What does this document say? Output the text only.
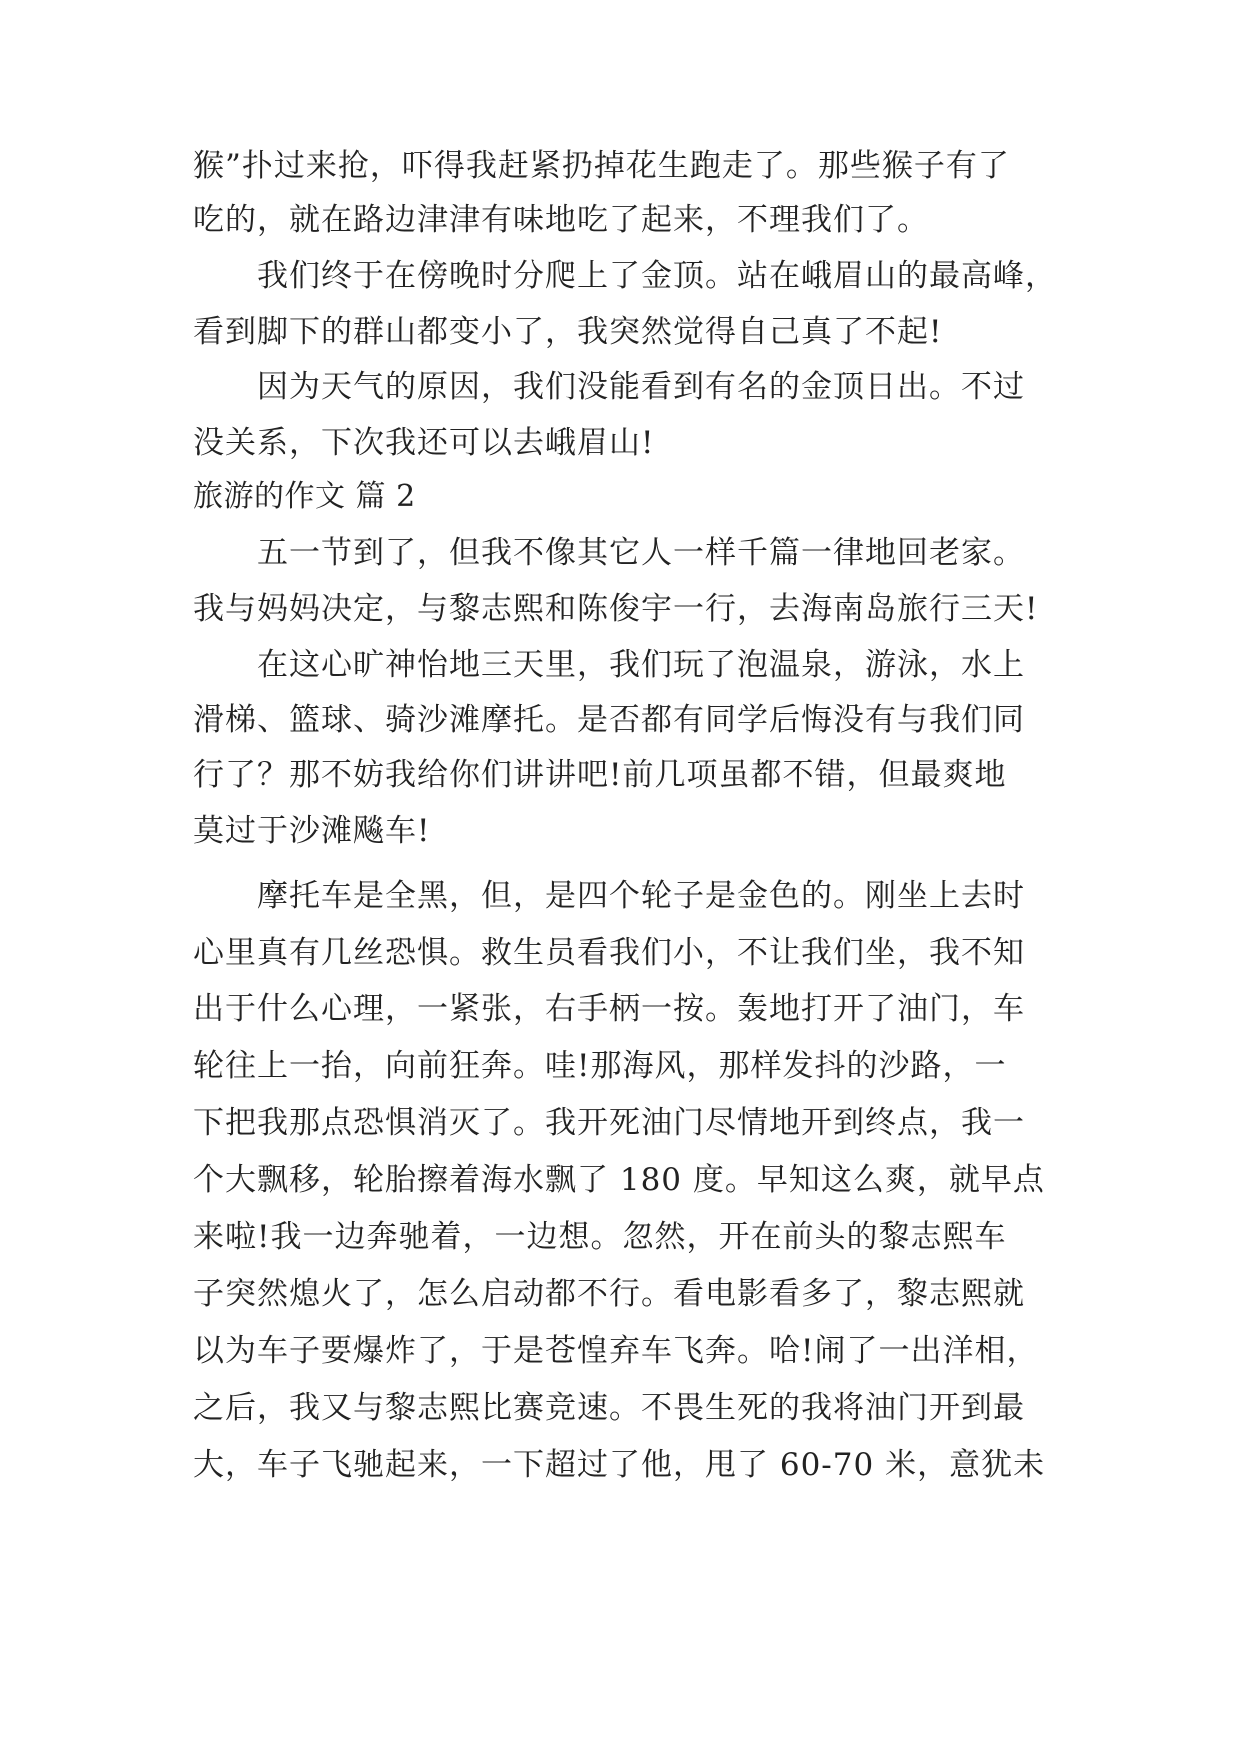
猴”扑过来抢，吓得我赶紧扔掉花生跑走了。那些猴子有了
吃的，就在路边津津有味地吃了起来，不理我们了。
我们终于在傍晚时分爬上了金顶。站在峨眉山的最高峰，
看到脚下的群山都变小了，我突然觉得自己真了不起!
因为天气的原因，我们没能看到有名的金顶日出。不过
没关系，下次我还可以去峨眉山!
旅游的作文 篇 2
五一节到了，但我不像其它人一样千篇一律地回老家。
我与妈妈决定，与黎志熙和陈俊宇一行，去海南岛旅行三天!
在这心旷神怡地三天里，我们玩了泡温泉，游泳，水上
滑梯、篮球、骑沙滩摩托。是否都有同学后悔没有与我们同
行了？那不妨我给你们讲讲吧!前几项虽都不错，但最爽地
莫过于沙滩飚车!
摩托车是全黑，但，是四个轮子是金色的。刚坐上去时
心里真有几丝恐惧。救生员看我们小，不让我们坐，我不知
出于什么心理，一紧张，右手柄一按。轰地打开了油门，车
轮往上一抬，向前狂奔。哇!那海风，那样发抖的沙路，一
下把我那点恐惧消灭了。我开死油门尽情地开到终点，我一
个大飘移，轮胎擦着海水飘了 180 度。早知这么爽，就早点
来啦!我一边奔驰着，一边想。忽然，开在前头的黎志熙车
子突然熄火了，怎么启动都不行。看电影看多了，黎志熙就
以为车子要爆炸了，于是苍惶弃车飞奔。哈!闹了一出洋相，
之后，我又与黎志熙比赛竞速。不畏生死的我将油门开到最
大，车子飞驰起来，一下超过了他，甩了 60-70 米，意犹未
